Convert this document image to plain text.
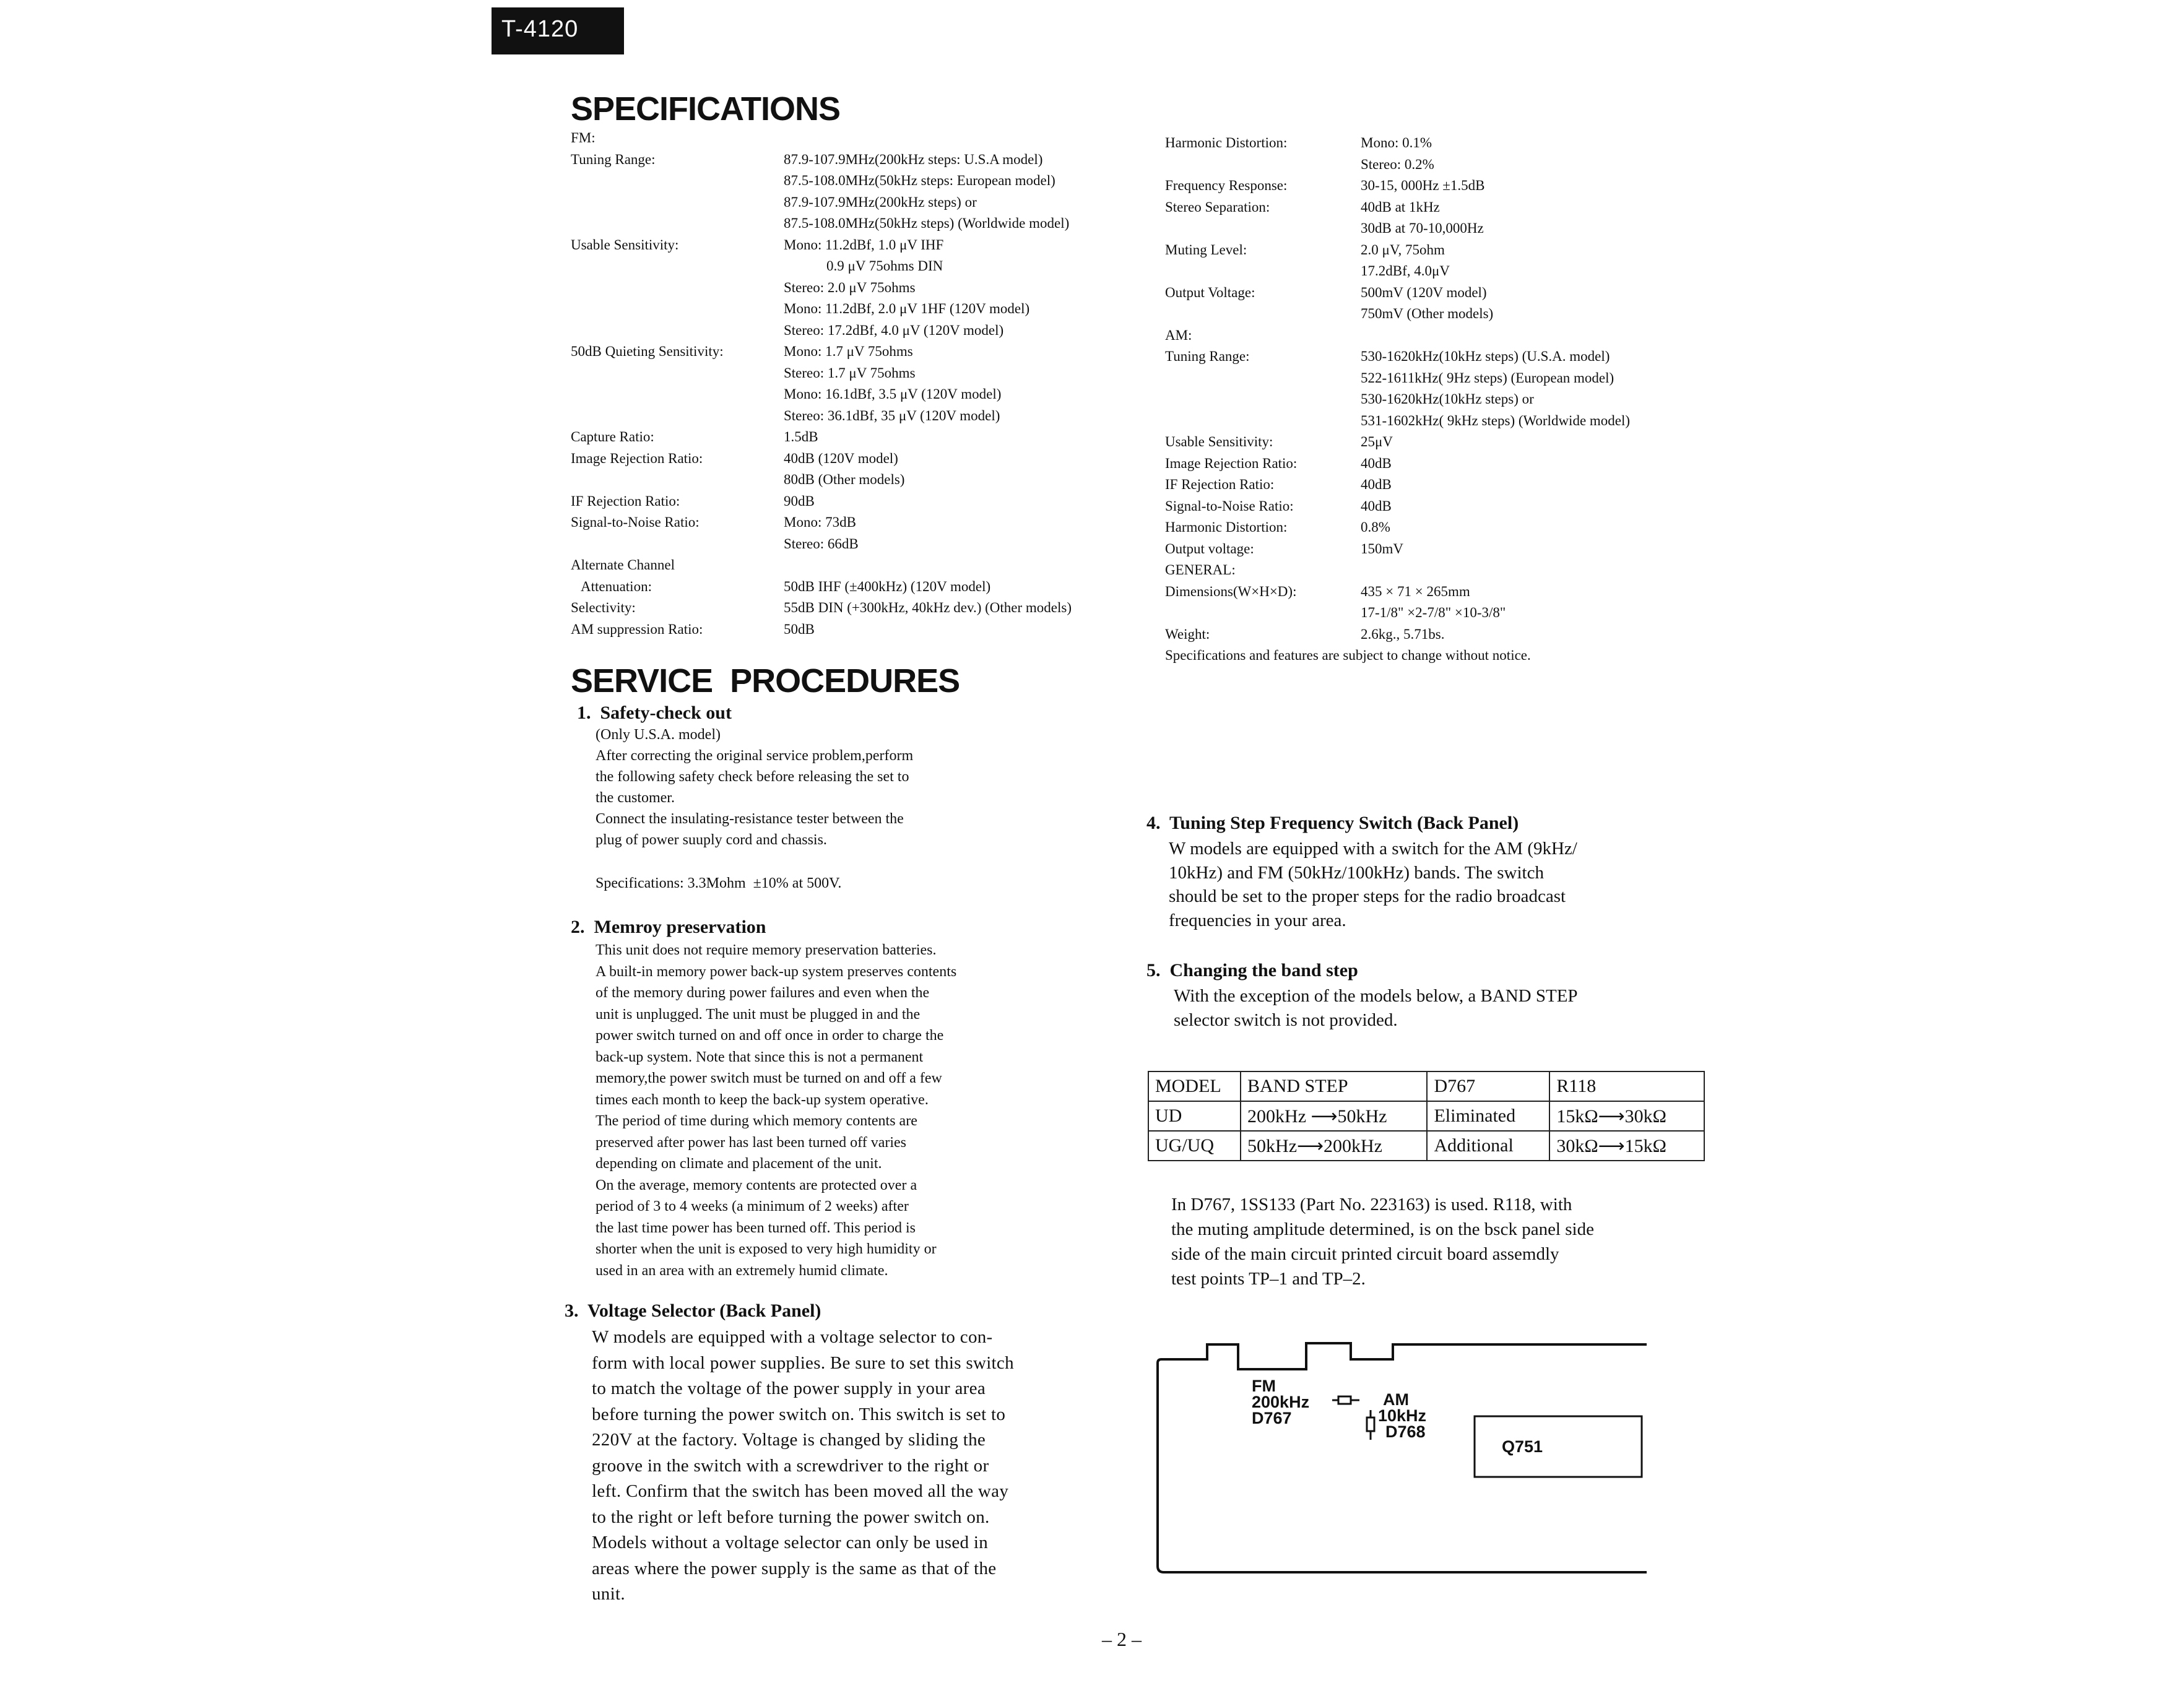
T-4120
SPECIFICATIONS
FM:
Tuning Range:	87.9-107.9MHz(200kHz steps: U.S.A model)
87.5-108.0MHz(50kHz steps: European model)
87.9-107.9MHz(200kHz steps) or
87.5-108.0MHz(50kHz steps) (Worldwide model)
Usable Sensitivity:	Mono: 11.2dBf, 1.0 μV IHF
0.9 μV 75ohms DIN
Stereo: 2.0 μV 75ohms
Mono: 11.2dBf, 2.0 μV 1HF (120V model)
Stereo: 17.2dBf, 4.0 μV (120V model)
50dB Quieting Sensitivity:	Mono: 1.7 μV 75ohms
Stereo: 1.7 μV 75ohms
Mono: 16.1dBf, 3.5 μV (120V model)
Stereo: 36.1dBf, 35 μV (120V model)
Capture Ratio:	1.5dB
Image Rejection Ratio:	40dB (120V model)
80dB (Other models)
IF Rejection Ratio:	90dB
Signal-to-Noise Ratio:	Mono: 73dB
Stereo: 66dB
Alternate Channel
Attenuation:	50dB IHF (±400kHz) (120V model)
Selectivity:	55dB DIN (+300kHz, 40kHz dev.) (Other models)
AM suppression Ratio:	50dB
Harmonic Distortion:	Mono: 0.1%
Stereo: 0.2%
Frequency Response:	30-15, 000Hz ±1.5dB
Stereo Separation:	40dB at 1kHz
30dB at 70-10,000Hz
Muting Level:	2.0 μV, 75ohm
17.2dBf, 4.0μV
Output Voltage:	500mV (120V model)
750mV (Other models)
AM:
Tuning Range:	530-1620kHz(10kHz steps) (U.S.A. model)
522-1611kHz( 9Hz steps) (European model)
530-1620kHz(10kHz steps) or
531-1602kHz( 9kHz steps) (Worldwide model)
Usable Sensitivity:	25μV
Image Rejection Ratio:	40dB
IF Rejection Ratio:	40dB
Signal-to-Noise Ratio:	40dB
Harmonic Distortion:	0.8%
Output voltage:	150mV
GENERAL:
Dimensions(W×H×D):	435 × 71 × 265mm
17-1/8" ×2-7/8" ×10-3/8"
Weight:	2.6kg., 5.71bs.
Specifications and features are subject to change without notice.
SERVICE  PROCEDURES
1.  Safety-check out
(Only U.S.A. model)
After correcting the original service problem,perform
the following safety check before releasing the set to
the customer.
Connect the insulating-resistance tester between the
plug of power suuply cord and chassis.
Specifications: 3.3Mohm  ±10% at 500V.
2.  Memroy preservation
This unit does not require memory preservation batteries.
A built-in memory power back-up system preserves contents
of the memory during power failures and even when the
unit is unplugged. The unit must be plugged in and the
power switch turned on and off once in order to charge the
back-up system. Note that since this is not a permanent
memory,the power switch must be turned on and off a few
times each month to keep the back-up system operative.
The period of time during which memory contents are
preserved after power has last been turned off varies
depending on climate and placement of the unit.
On the average, memory contents are protected over a
period of 3 to 4 weeks (a minimum of 2 weeks) after
the last time power has been turned off. This period is
shorter when the unit is exposed to very high humidity or
used in an area with an extremely humid climate.
3.  Voltage Selector (Back Panel)
W models are equipped with a voltage selector to con-
form with local power supplies. Be sure to set this switch
to match the voltage of the power supply in your area
before turning the power switch on. This switch is set to
220V at the factory. Voltage is changed by sliding the
groove in the switch with a screwdriver to the right or
left. Confirm that the switch has been moved all the way
to the right or left before turning the power switch on.
Models without a voltage selector can only be used in
areas where the power supply is the same as that of the
unit.
4.  Tuning Step Frequency Switch (Back Panel)
W models are equipped with a switch for the AM (9kHz/
10kHz) and FM (50kHz/100kHz) bands. The switch
should be set to the proper steps for the radio broadcast
frequencies in your area.
5.  Changing the band step
With the exception of the models below, a BAND STEP
selector switch is not provided.
MODEL	BAND STEP	D767	R118
UD	200kHz ⟶50kHz	Eliminated	15kΩ⟶30kΩ
UG/UQ	50kHz⟶200kHz	Additional	30kΩ⟶15kΩ
In D767, 1SS133 (Part No. 223163) is used. R118, with
the muting amplitude determined, is on the bsck panel side
side of the main circuit printed circuit board assemdly
test points TP–1 and TP–2.
FM
200kHz
D767
AM
10kHz
D768
Q751
– 2 –
